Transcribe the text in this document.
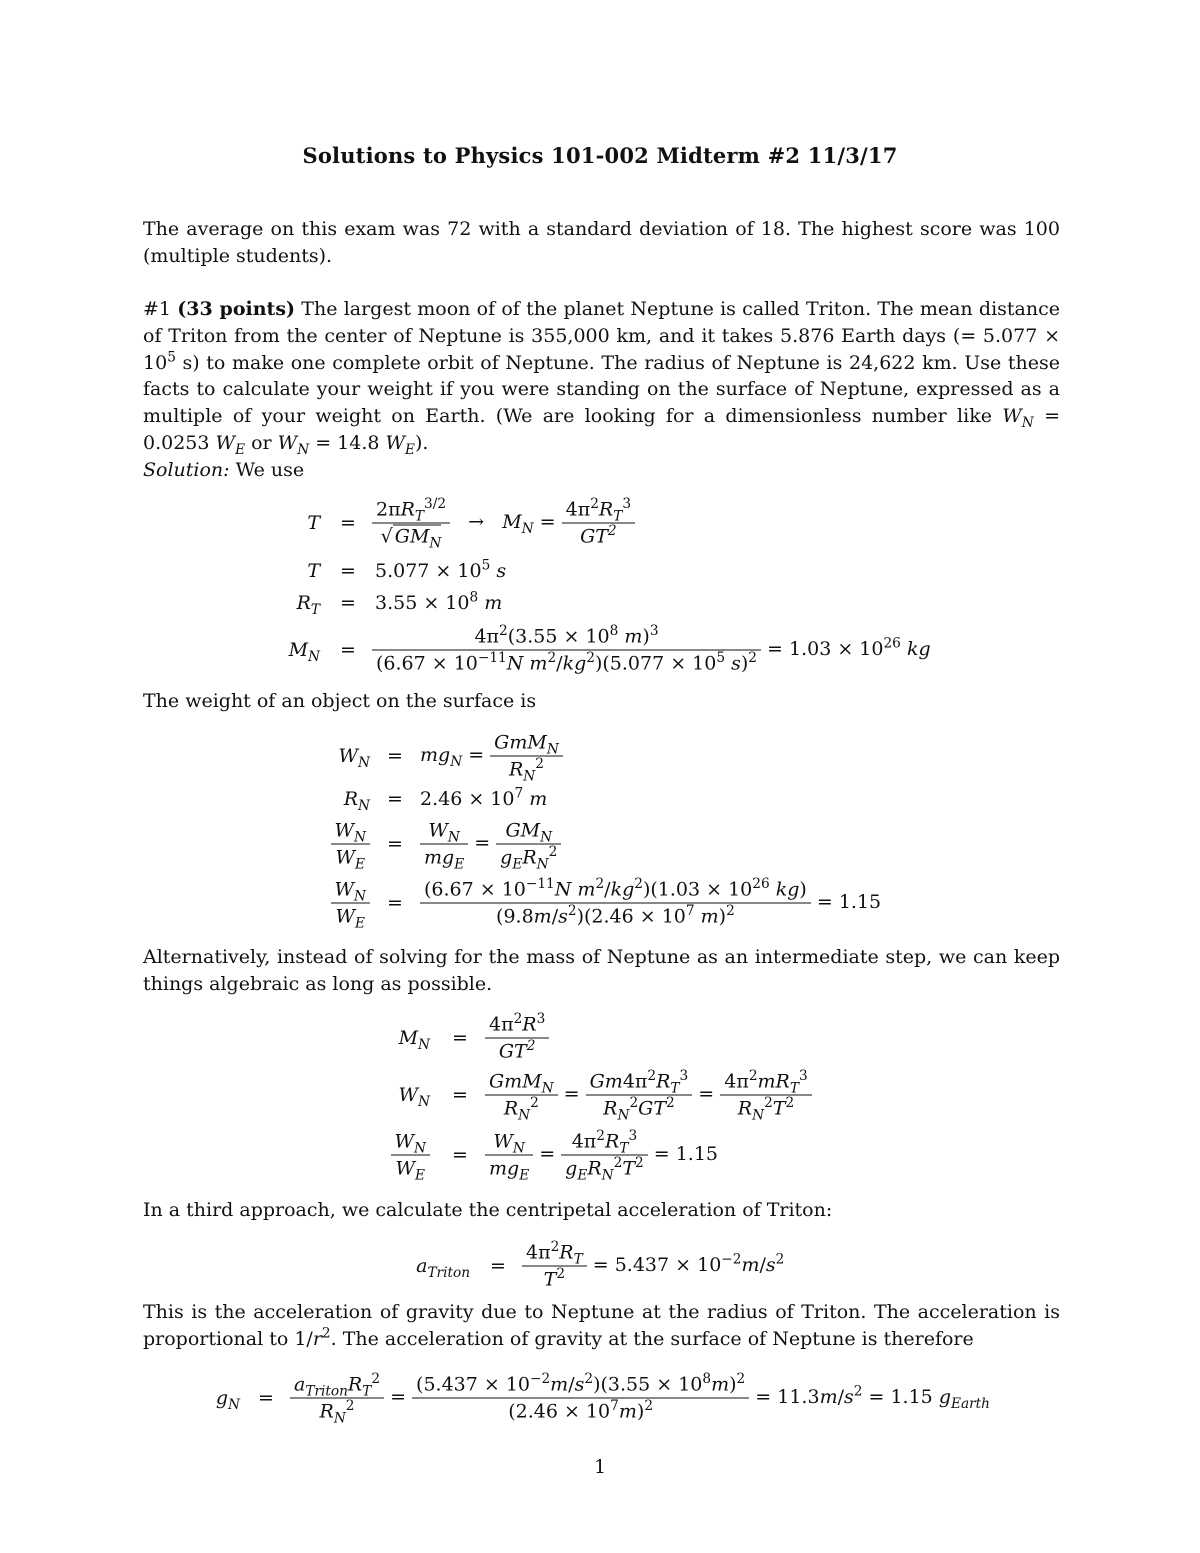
Solutions to Physics 101-002 Midterm #2 11/3/17
The average on this exam was 72 with a standard deviation of 18. The highest score was 100 (multiple students).
#1 (33 points) The largest moon of of the planet Neptune is called Triton. The mean distance of Triton from the center of Neptune is 355,000 km, and it takes 5.876 Earth days (= $5.077 \times 10^5$ s) to make one complete orbit of Neptune. The radius of Neptune is 24,622 km. Use these facts to calculate your weight if you were standing on the surface of Neptune, expressed as a multiple of your weight on Earth. (We are looking for a dimensionless number like $W_N = 0.0253$ $W_E$ or $W_N = 14.8$ $W_E$).
Solution: We use
$T = \frac{2\pi R_T^{3/2}}{√ GM_N} \to M_N = \frac{4\pi^2R_T^3}{GT^2}$
$T = 5.077 \times 10^5$ s
$R_T = 3.55 \times 10^8$ m
$M_N = \frac{4\pi^2(3.55 \times 10^8 m)^3}{(6.67 \times 10^{-11}N m^2/kg^2)(5.077 \times 10^5 s)^2} = 1.03 \times 10^{26}$ kg
The weight of an object on the surface is
$W_N = mg_N = \frac{GmM_N}{R_N^2}$
$R_N = 2.46 \times 10^7$ m
$\frac{W_N}{W_E} = \frac{W_N}{mg_E} = \frac{GM_N}{g_ER_N^2}$
$\frac{W_N}{W_E} = \frac{(6.67 \times 10^{-11}N m^2/kg^2)(1.03 \times 10^{26} kg)}{(9.8m/s^2)(2.46 \times 10^7 m)^2} = 1.15$
Alternatively, instead of solving for the mass of Neptune as an intermediate step, we can keep things algebraic as long as possible.
$M_N = \frac{4\pi^2R^3}{GT^2}$
$W_N = \frac{GmM_N}{R_N^2} = \frac{Gm4\pi^2R_T^3}{R_N^2GT^2} = \frac{4\pi^2mR_T^3}{R_N^2T^2}$
$\frac{W_N}{W_E} = \frac{W_N}{mg_E} = \frac{4\pi^2R_T^3}{g_ER_N^2T^2} = 1.15$
In a third approach, we calculate the centripetal acceleration of Triton:
$a_{Triton} = \frac{4\pi^2R_T}{T^2} = 5.437 \times 10^{-2}m/s^2$
This is the acceleration of gravity due to Neptune at the radius of Triton. The acceleration is proportional to $1/r^2$. The acceleration of gravity at the surface of Neptune is therefore
$g_N = \frac{a_{Triton}R_T^2}{R_N^2} = \frac{(5.437 \times 10^{-2}m/s^2)(3.55 \times 10^8m)^2}{(2.46 \times 10^7m)^2} = 11.3m/s^2 = 1.15$ $g_{Earth}$
1
